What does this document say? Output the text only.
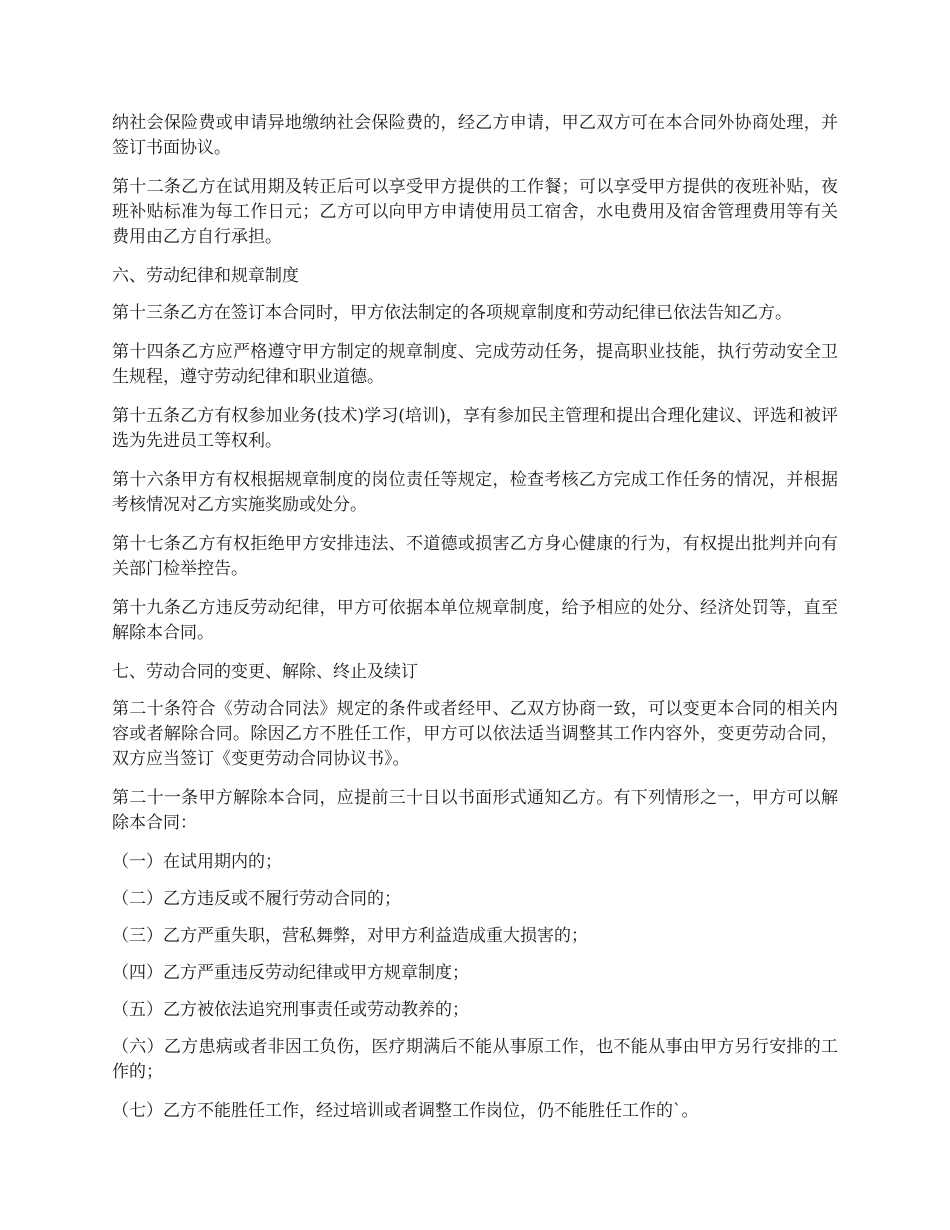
纳社会保险费或申请异地缴纳社会保险费的，经乙方申请，甲乙双方可在本合同外协商处理，并签订书面协议。

第十二条乙方在试用期及转正后可以享受甲方提供的工作餐；可以享受甲方提供的夜班补贴，夜班补贴标准为每工作日元；乙方可以向甲方申请使用员工宿舍，水电费用及宿舍管理费用等有关费用由乙方自行承担。

六、劳动纪律和规章制度

第十三条乙方在签订本合同时，甲方依法制定的各项规章制度和劳动纪律已依法告知乙方。

第十四条乙方应严格遵守甲方制定的规章制度、完成劳动任务，提高职业技能，执行劳动安全卫生规程，遵守劳动纪律和职业道德。

第十五条乙方有权参加业务(技术)学习(培训)，享有参加民主管理和提出合理化建议、评选和被评选为先进员工等权利。

第十六条甲方有权根据规章制度的岗位责任等规定，检查考核乙方完成工作任务的情况，并根据考核情况对乙方实施奖励或处分。

第十七条乙方有权拒绝甲方安排违法、不道德或损害乙方身心健康的行为，有权提出批判并向有关部门检举控告。

第十九条乙方违反劳动纪律，甲方可依据本单位规章制度，给予相应的处分、经济处罚等，直至解除本合同。

七、劳动合同的变更、解除、终止及续订

第二十条符合《劳动合同法》规定的条件或者经甲、乙双方协商一致，可以变更本合同的相关内容或者解除合同。除因乙方不胜任工作，甲方可以依法适当调整其工作内容外，变更劳动合同，双方应当签订《变更劳动合同协议书》。

第二十一条甲方解除本合同，应提前三十日以书面形式通知乙方。有下列情形之一，甲方可以解除本合同：

（一）在试用期内的；

（二）乙方违反或不履行劳动合同的；

（三）乙方严重失职，营私舞弊，对甲方利益造成重大损害的；

（四）乙方严重违反劳动纪律或甲方规章制度；

（五）乙方被依法追究刑事责任或劳动教养的；

（六）乙方患病或者非因工负伤，医疗期满后不能从事原工作，也不能从事由甲方另行安排的工作的；

（七）乙方不能胜任工作，经过培训或者调整工作岗位，仍不能胜任工作的`。
